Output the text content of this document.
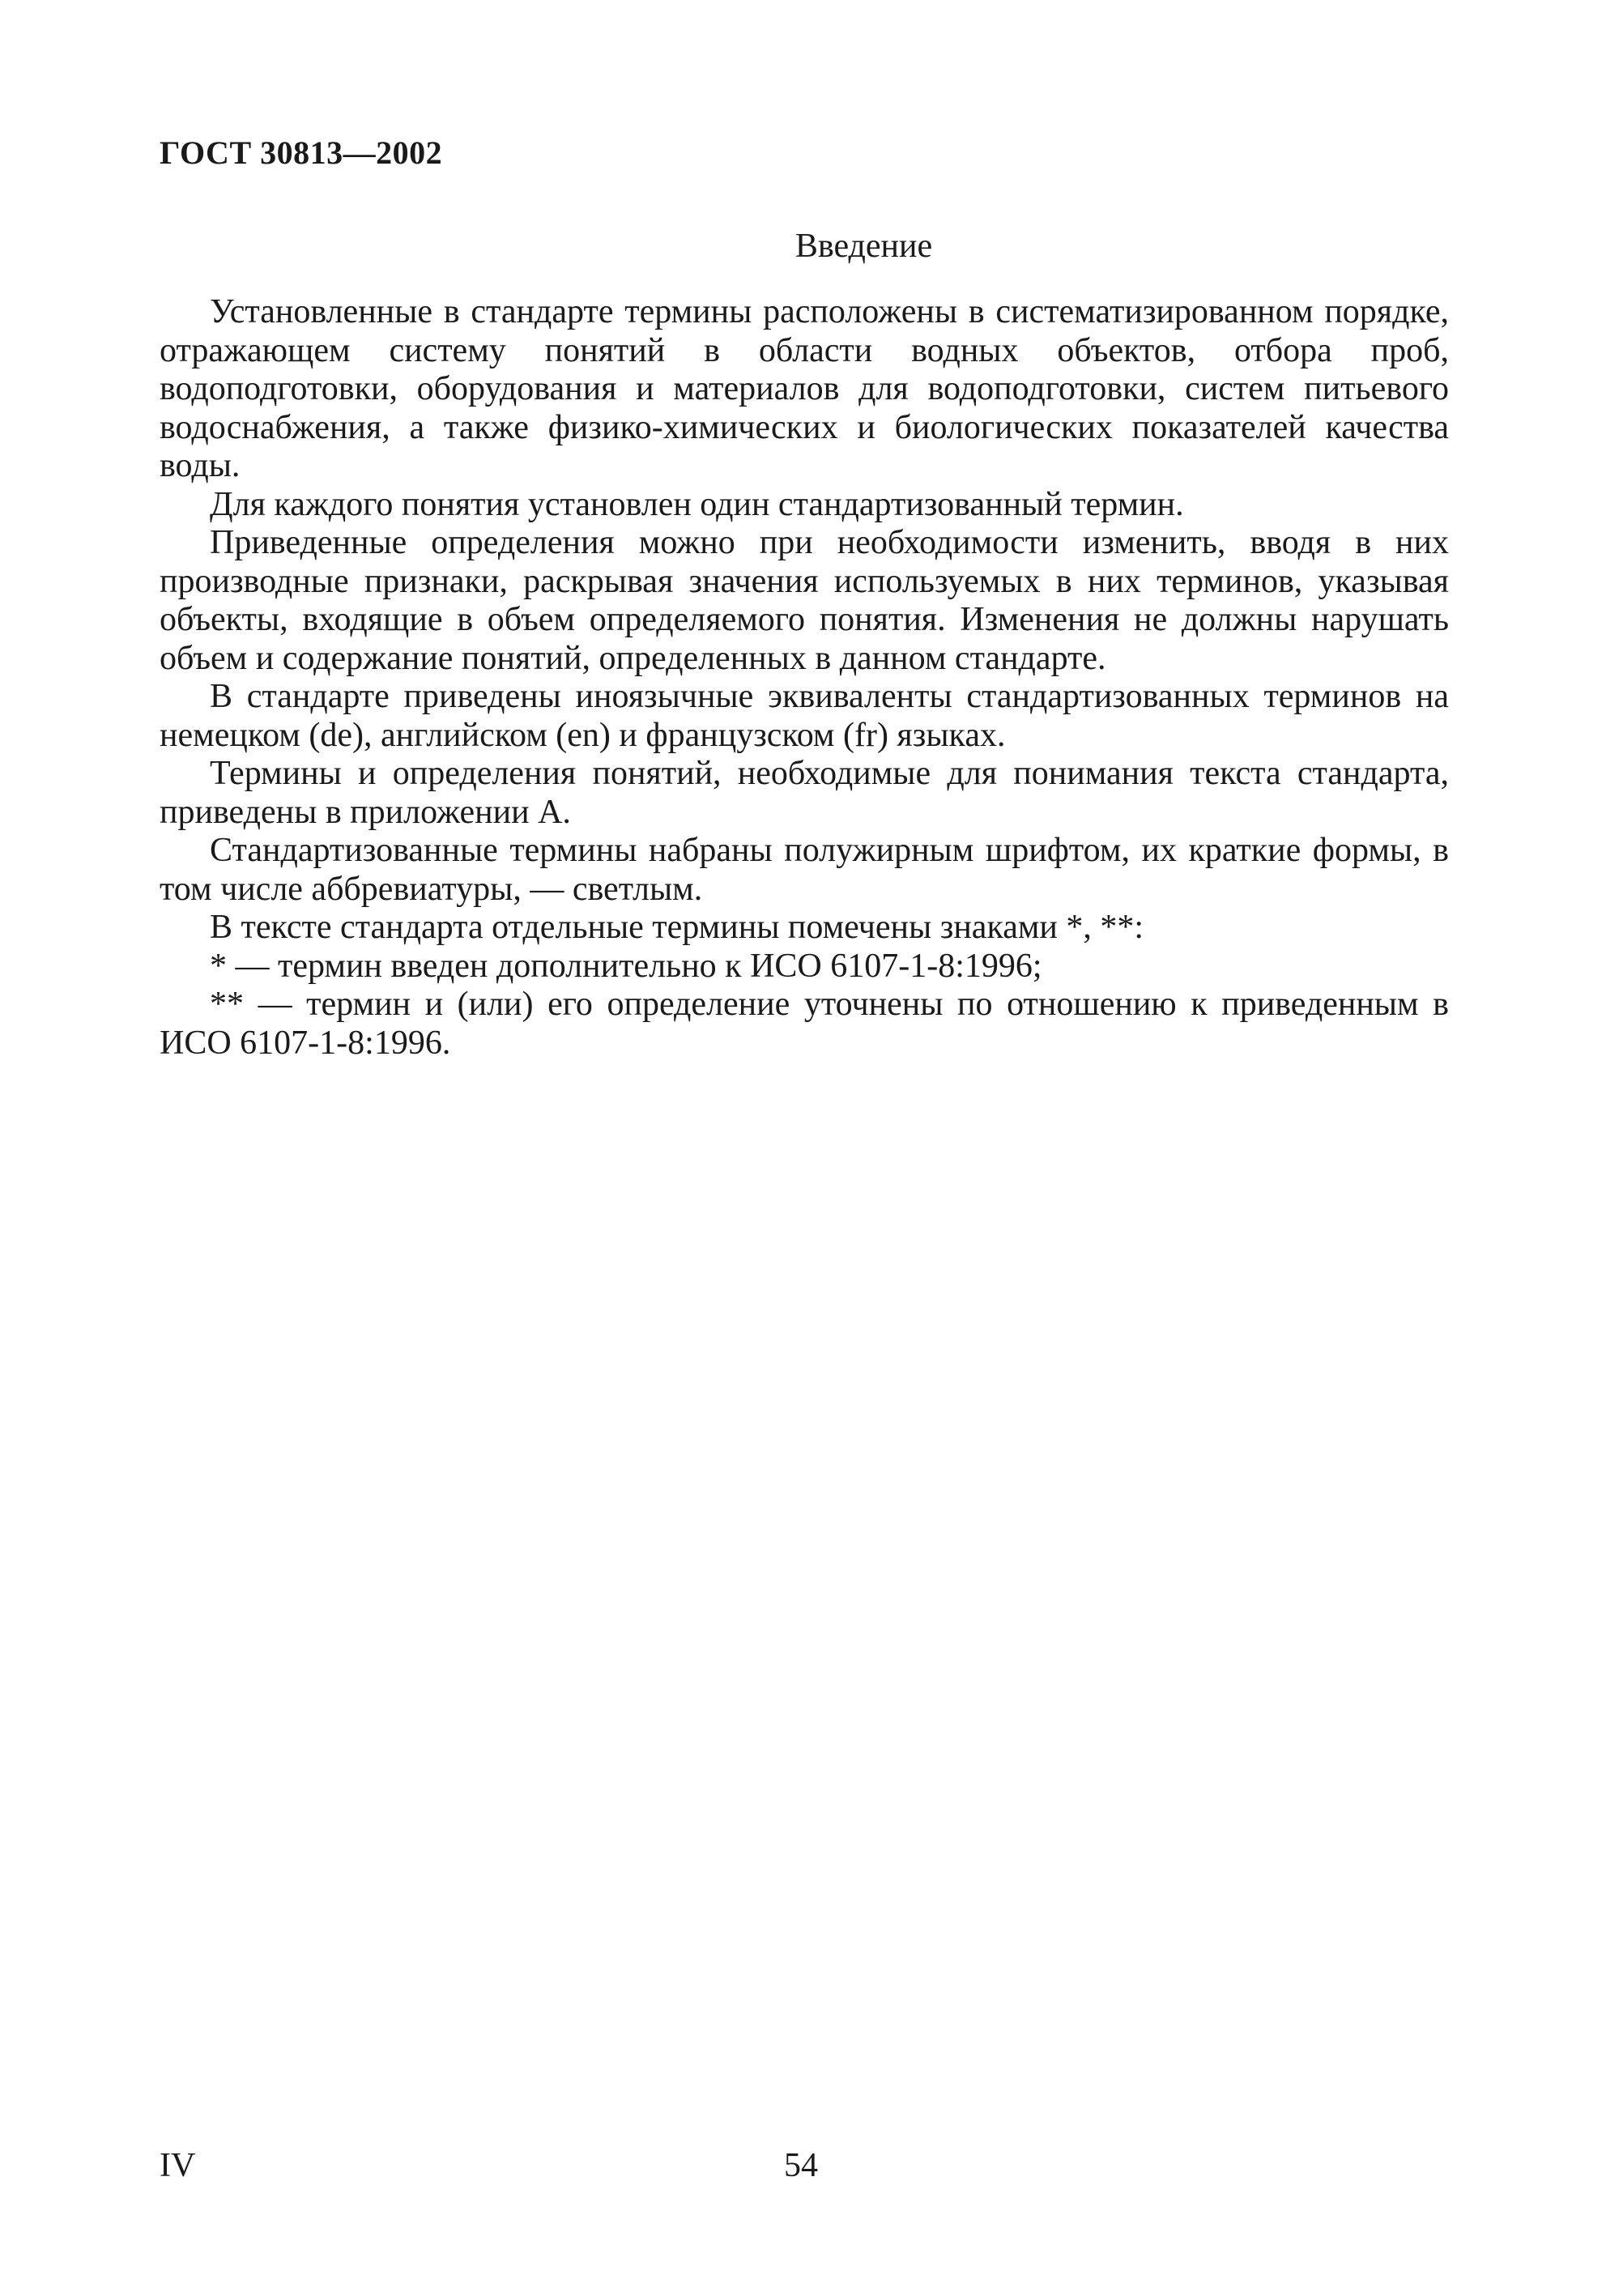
ГОСТ 30813—2002
Введение

Установленные в стандарте термины расположены в систематизированном порядке, отражающем систему понятий в области водных объектов, отбора проб, водоподготовки, оборудования и материалов для водоподготовки, систем питьевого водоснабжения, а также физико-химических и биологических показателей качества воды.

Для каждого понятия установлен один стандартизованный термин.

Приведенные определения можно при необходимости изменить, вводя в них производные признаки, раскрывая значения используемых в них терминов, указывая объекты, входящие в объем определяемого понятия. Изменения не должны нарушать объем и содержание понятий, определенных в данном стандарте.

В стандарте приведены иноязычные эквиваленты стандартизованных терминов на немецком (de), английском (en) и французском (fr) языках.

Термины и определения понятий, необходимые для понимания текста стандарта, приведены в приложении А.

Стандартизованные термины набраны полужирным шрифтом, их краткие формы, в том числе аббревиатуры, — светлым.

В тексте стандарта отдельные термины помечены знаками *, **:

* — термин введен дополнительно к ИСО 6107-1-8:1996;

** — термин и (или) его определение уточнены по отношению к приведенным в ИСО 6107-1-8:1996.

IV	54
